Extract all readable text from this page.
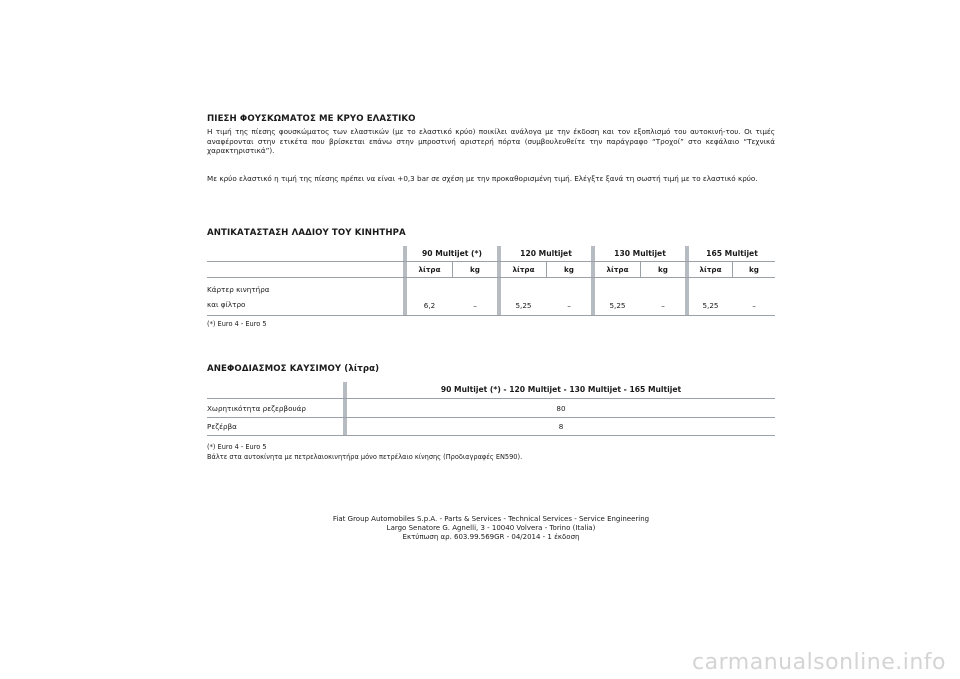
ΠΙΕΣΗ ΦΟΥΣΚΩΜΑΤΟΣ ΜΕ ΚΡΥΟ ΕΛΑΣΤΙΚΟ
Η τιμή της πίεσης φουσκώματος των ελαστικών (με το ελαστικό κρύο) ποικίλει ανάλογα με την έκδοση και τον εξοπλισμό του αυτοκινή-του. Οι τιμές αναφέρονται στην ετικέτα που βρίσκεται επάνω στην μπροστινή αριστερή πόρτα (συμβουλευθείτε την παράγραφο “Τροχοί” στο κεφάλαιο “Τεχνικά χαρακτηριστικά”).
Με κρύο ελαστικό η τιμή της πίεσης πρέπει να είναι +0,3 bar σε σχέση με την προκαθορισμένη τιμή. Ελέγξτε ξανά τη σωστή τιμή με το ελαστικό κρύο.
ΑΝΤΙΚΑΤΑΣΤΑΣΗ ΛΑΔΙΟΥ ΤΟΥ ΚΙΝΗΤΗΡΑ
90 Multijet (*)	120 Multijet	130 Multijet	165 Multijet
λίτρα	kg	λίτρα	kg	λίτρα	kg	λίτρα	kg
Κάρτερ κινητήρα
και φίλτρο	6,2	–	5,25	–	5,25	–	5,25	–
(*) Euro 4 - Euro 5
ΑΝΕΦΟΔΙΑΣΜΟΣ ΚΑΥΣΙΜΟΥ (λίτρα)
90 Multijet (*) - 120 Multijet - 130 Multijet - 165 Multijet
Χωρητικότητα ρεζερβουάρ	80
Ρεζέρβα	8
(*) Euro 4 - Euro 5
Βάλτε στα αυτοκίνητα με πετρελαιοκινητήρα μόνο πετρέλαιο κίνησης (Προδιαγραφές EN590).
Fiat Group Automobiles S.p.A. - Parts & Services - Technical Services - Service Engineering
Largo Senatore G. Agnelli, 3 - 10040 Volvera - Torino (Italia)
Εκτύπωση αρ. 603.99.569GR - 04/2014 - 1 έκδοση
carmanualsonline.info
